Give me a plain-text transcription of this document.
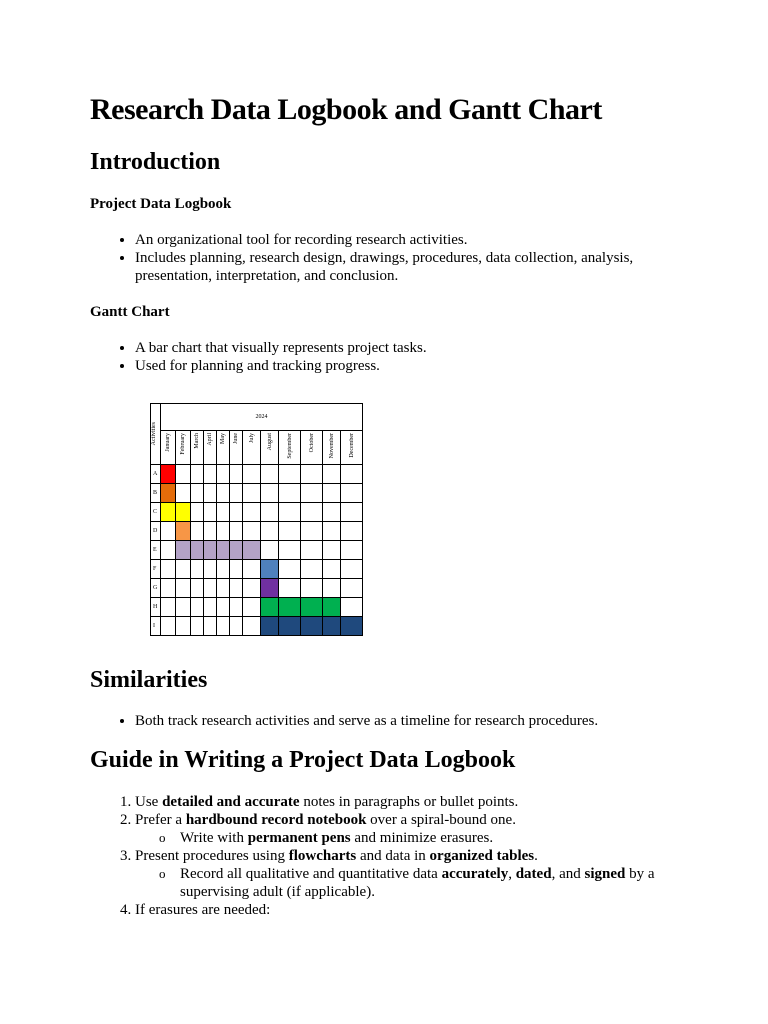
Research Data Logbook and Gantt Chart
Introduction

Project Data Logbook

• An organizational tool for recording research activities.
• Includes planning, research design, drawings, procedures, data collection, analysis, presentation, interpretation, and conclusion.

Gantt Chart

• A bar chart that visually represents project tasks.
• Used for planning and tracking progress.
Similarities
• Both track research activities and serve as a timeline for research procedures.
Guide in Writing a Project Data Logbook
1. Use detailed and accurate notes in paragraphs or bullet points.
2. Prefer a hardbound record notebook over a spiral-bound one.
o Write with permanent pens and minimize erasures.
3. Present procedures using flowcharts and data in organized tables.
o Record all qualitative and quantitative data accurately, dated, and signed by a supervising adult (if applicable).
4. If erasures are needed:
Activities	2024											

	January	February	March	April	May	June	July	August	September	October	November	December

A												
B												
C												
D												
E												
F												
G												
H												
I												
